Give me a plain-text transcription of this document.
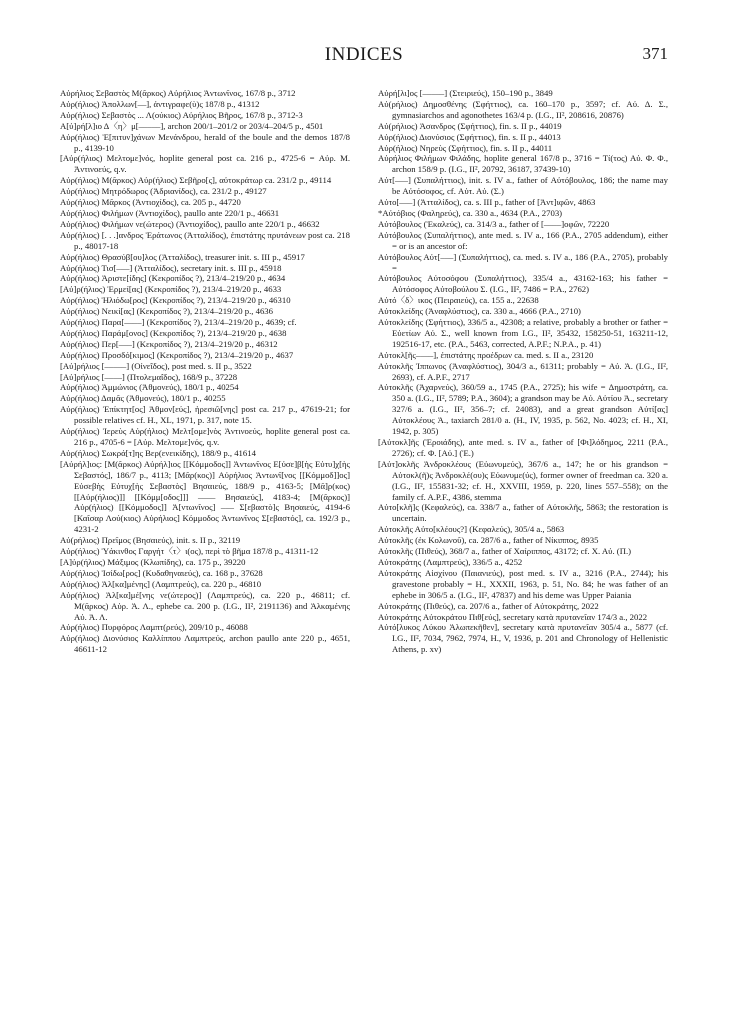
INDICES	371

Αὐρήλιος Σεβαστὸς Μ(ᾶρκος) Αὐρήλιος Ἀντωνῖνος, 167/8 p., 3712

Αὐρ(ήλιος) Ἀπολλων[––], ἀντιγραφε(ὺ)ς 187/8 p., 41312

Αὐρ(ήλιος) Σεβαστὸς ... Λ(ούκιος) Αὐρήλιος Βῆρος, 167/8 p., 3712-3

Α[ὐ]ρή[λ]ιο Δ〈η〉μ[–––––], archon 200/1–201/2 or 203/4–204/5 p., 4501

Αὐρ(ήλιος) Ἐ[πιτυν]χάνων Μενάνδρου, herald of the boule and the demos 187/8 p., 4139-10

[Αὐρ(ήλιος) Μελτομε]νός, hoplite general post ca. 216 p., 4725-6 = Αὐρ. Μ. Ἀντινοεύς, q.v.

Αὐρ(ήλιος) Μ(ᾶρκος) Αὐρ(ήλιος) Σεβῆρο[ς], αὐτοκράτωρ ca. 231/2 p., 49114

Αὐρ(ήλιος) Μητρόδωρος (Ἀδριανίδος), ca. 231/2 p., 49127

Αὐρ(ήλιος) Μᾶρκος (Ἀντιοχίδος), ca. 205 p., 44720

Αὐρ(ήλιος) Φιλήμων (Ἀντιοχίδος), paullo ante 220/1 p., 46631

Αὐρ(ήλιος) Φιλήμων νε(ώτερος) (Ἀντιοχίδος), paullo ante 220/1 p., 46632

Αὐρ(ήλιος) [. . .]ανδρος Ἐράτωνος (Ἀτταλίδος), ἐπιστάτης πρυτάνεων post ca. 218 p., 48017-18

Αὐρ(ήλιος) Θρασύβ[ου]λος (Ἀτταλίδος), treasurer init. s. III p., 45917

Αὐρ(ήλιος) Τισ[–––] (Ἀτταλίδος), secretary init. s. III p., 45918

Αὐρ(ήλιος) Ἀριστε[ίδης] (Κεκροπίδος ?), 213/4–219/20 p., 4634

[Αὐ]ρ(ήλιος) Ἑρμεί[ας] (Κεκροπίδος ?), 213/4–219/20 p., 4633

Αὐρ(ήλιος) Ἡλιόδω[ρος] (Κεκροπίδος ?), 213/4–219/20 p., 46310

Αὐρ(ήλιος) Νεικί[ας] (Κεκροπίδος ?), 213/4–219/20 p., 4636

Αὐρ(ήλιος) Παρα[––––] (Κεκροπίδος ?), 213/4–219/20 p., 4639; cf.

Αὐρ(ήλιος) Παράμ[ονος] (Κεκροπίδος ?), 213/4–219/20 p., 4638

Αὐρ(ήλιος) Περ[–––] (Κεκροπίδος ?), 213/4–219/20 p., 46312

Αὐρ(ήλιος) Προσδό[κιμος] (Κεκροπίδος ?), 213/4–219/20 p., 4637

[Αὐ]ρήλιος [–––––] (Οἰνεΐδος), post med. s. II p., 3522

[Αὐ]ρήλιος [––––] (Πτολεμαΐδος), 168/9 p., 37228

Αὐρ(ήλιος) Ἀμμώνιος (Ἀθμονεύς), 180/1 p., 40254

Αὐρ(ήλιος) Δαμᾶς (Ἀθμονεύς), 180/1 p., 40255

Αὐρ(ήλιος) Ἐπίκτητ[ος] Ἀθμον[εύς], ἡρεσιῶ[νης] post ca. 217 p., 47619-21; for possible relatives cf. H., XL, 1971, p. 317, note 15.

Αὐρ(ήλιος) Ἱερεὺς Αὐρ(ήλιος) Μελτ[ομε]νὸς Ἀντινοεύς, hoplite general post ca. 216 p., 4705-6 = [Αὐρ. Μελτομε]νός, q.v.

Αὐρ(ήλιος) Σωκρά[τ]ης Βερ(ενεικίδης), 188/9 p., 41614

[Αὐρήλ]ιος: [Μ(ᾶρκος) Αὐρήλ]ιος [[Κόμμοδος]] Ἀντωνῖνος Ε[ὐσε]β[ὴς Εὐτυ]χ[ὴς Σεβαστός], 186/7 p., 4113; [Μᾶρ(κος)] Αὐρήλιος Ἀντωνῖ[νος [[Κόμμοδ]]ος] Εὐσεβὴς Εὐτυχ[ὴς Σεβαστὸς] Βησαιεύς, 188/9 p., 4163-5; [Μᾶ]ρ(κος) [[Αὐρ(ήλιος)]] [[Κόμμ[οδος]]] –––– Βησαιεύς], 4183-4; [Μ(ᾶρκος)] Αὐρ(ήλιος) [[Κόμμοδος]] Ἀ[ντωνῖνος] ––– Σ[εβαστὸ]ς Βησαιεύς, 4194-6 [Καῖσαρ Λού(κιος) Αὐρήλιος] Κόμμοδος Ἀντωνῖνος Σ[εβαστός], ca. 192/3 p., 4231-2

Αὐ(ρήλιος) Πρεῖμος (Βησαιεύς), init. s. II p., 32119

Αὐρ(ήλιος) Ὑάκινθος Γαργήτ〈τ〉ι(ος), περὶ τὸ βῆμα 187/8 p., 41311-12

[Α]ὐρ(ήλιος) Μάξιμος (Κλωπίδης), ca. 175 p., 39220

Αὐρ(ήλιος) Ἰσίδω[ρος] (Κυδαθηναιεύς), ca. 168 p., 37628

Αὐρ(ήλιος) Ἀλ[κα]μένης] (Λαμπτρεύς), ca. 220 p., 46810

Αὐρ(ήλιος) Ἀλ[κα]μέ[νης νε(ώτερος)] (Λαμπτρεύς), ca. 220 p., 46811; cf. Μ(ᾶρκος) Αὐρ. Ἀ. Λ., ephebe ca. 200 p. (I.G., II², 2191136) and Ἀλκαμένης Αὐ. Ἀ. Λ.

Αὐρ(ήλιος) Πυρφόρος Λαμπτ(ρεύς), 209/10 p., 46088

Αὐρ(ήλιος) Διονύσιος Καλλίππου Λαμπτρεύς, archon paullo ante 220 p., 4651, 46611-12

Αὐρή[λι]ος [–––––] (Στειριεύς), 150–190 p., 3849

Αὐ(ρήλιος) Δημοσθένης (Σφήττιος), ca. 160–170 p., 3597; cf. Αὐ. Δ. Σ., gymnasiarchos and agonothetes 163/4 p. (I.G., II², 208616, 20876)

Αὐ(ρήλιος) Ἀσανδρος (Σφήττιος), fin. s. II p., 44019

Αὐρ(ήλιος) Διονύσιος (Σφήττιος), fin. s. II p., 44013

Αὐρ(ήλιος) Νηρεὺς (Σφήττιος), fin. s. II p., 44011

Αὐρήλιος Φιλήμων Φιλάδης, hoplite general 167/8 p., 3716 = Τί(τος) Αὐ. Φ. Φ., archon 158/9 p. (I.G., II², 20792, 36187, 37439-10)

Αὐτ[–––] (Συπαλήττιος), init. s. IV a., father of Αὐτόβουλος, 186; the name may be Αὐτόσοφος, cf. Αὐτ. Αὐ. (Σ.)

Αὐτο[–––] (Ἀτταλίδος), ca. s. III p., father of [Ἀντ]ιφῶν, 4863

*Αὐτόβιος (Φαληρεύς), ca. 330 a., 4634 (P.A., 2703)

Αὐτόβουλος (Ἐκαλεύς), ca. 314/3 a., father of [––––]οφῶν, 72220

Αὐτόβουλος (Συπαλήττιος), ante med. s. IV a., 166 (P.A., 2705 addendum), either = or is an ancestor of:

Αὐτόβουλος Αὐτ[–––] (Συπαλήττιος), ca. med. s. IV a., 186 (P.A., 2705), probably =

Αὐτόβουλος Αὐτοσόφου (Συπαλήττιος), 335/4 a., 43162-163; his father = Αὐτόσοφος Αὐτοβούλου Σ. (I.G., II², 7486 = P.A., 2762)

Αὐτό〈δ〉ικος (Πειραιεύς), ca. 155 a., 22638

Αὐτοκλείδης (Ἀναφλύστιος), ca. 330 a., 4666 (P.A., 2710)

Αὐτοκλείδης (Σφήττιος), 336/5 a., 42308; a relative, probably a brother or father = Εὐετίων Αὐ. Σ., well known from I.G., II², 35432, 158250-51, 163211-12, 192516-17, etc. (P.A., 5463, corrected, A.P.F.; N.P.A., p. 41)

Αὐτοκλ[ῆς––––], ἐπιστάτης προέδρων ca. med. s. II a., 23120

Αὐτοκλῆς Ἱππωνος (Ἀναφλύστιος), 304/3 a., 61311; probably = Αὐ. Ἀ. (I.G., II², 2693), cf. A.P.F., 2717

Αὐτοκλῆς (Ἀχαρνεύς), 360/59 a., 1745 (P.A., 2725); his wife = Δημοστράτη, ca. 350 a. (I.G., II², 5789; P.A., 3604); a grandson may be Αὐ. Αὐτίου Ἀ., secretary 327/6 a. (I.G., II², 356–7; cf. 24083), and a great grandson Αὐτί[ας] Αὐτοκλέους Ἀ., taxiarch 281/0 a. (H., IV, 1935, p. 562, No. 4023; cf. H., XI, 1942, p. 305)

[Αὐτοκλ]ῆς (Ἐροιάδης), ante med. s. IV a., father of [Φι]λόδημος, 2211 (P.A., 2726); cf. Φ. [Αὐ.] (Ἐ.)

[Αὐτ]οκλῆς Ἀνδροκλέους (Εὐωνυμεύς), 367/6 a., 147; he or his grandson = Αὐτοκλ(ῆ)ς Ἀνδροκλέ(ου)ς Εὐωνυμε(ύς), former owner of freedman ca. 320 a. (I.G., II², 155831-32; cf. H., XXVIII, 1959, p. 220, lines 557–558); on the family cf. A.P.F., 4386, stemma

Αὐτο[κλῆ]ς (Κεφαλεύς), ca. 338/7 a., father of Αὐτοκλῆς, 5863; the restoration is uncertain.

Αὐτοκλῆς Αὐτο[κλέους?] (Κεφαλεύς), 305/4 a., 5863

Αὐτοκλῆς (ἐκ Κολωνοῦ), ca. 287/6 a., father of Νίκιππος, 8935

Αὐτοκλῆς (Πιθεύς), 368/7 a., father of Χαίριππος, 43172; cf. Χ. Αὐ. (Π.)

Αὐτοκράτης (Λαμπτρεύς), 336/5 a., 4252

Αὐτοκράτης Αἰσχίνου (Παιανιεύς), post med. s. IV a., 3216 (P.A., 2744); his gravestone probably = H., XXXII, 1963, p. 51, No. 84; he was father of an ephebe in 306/5 a. (I.G., II², 47837) and his deme was Upper Paiania

Αὐτοκράτης (Πιθεύς), ca. 207/6 a., father of Αὐτοκράτης, 2022

Αὐτοκράτης Αὐτοκράτου Πιθ[εύς], secretary κατὰ πρυτανεῖαν 174/3 a., 2022

Αὐτό[λυκος Λύκου Ἀλωπεκῆθεν], secretary κατὰ πρυτανεῖαν 305/4 a., 5877 (cf. I.G., II², 7034, 7962, 7974, H., V, 1936, p. 201 and Chronology of Hellenistic Athens, p. xv)
